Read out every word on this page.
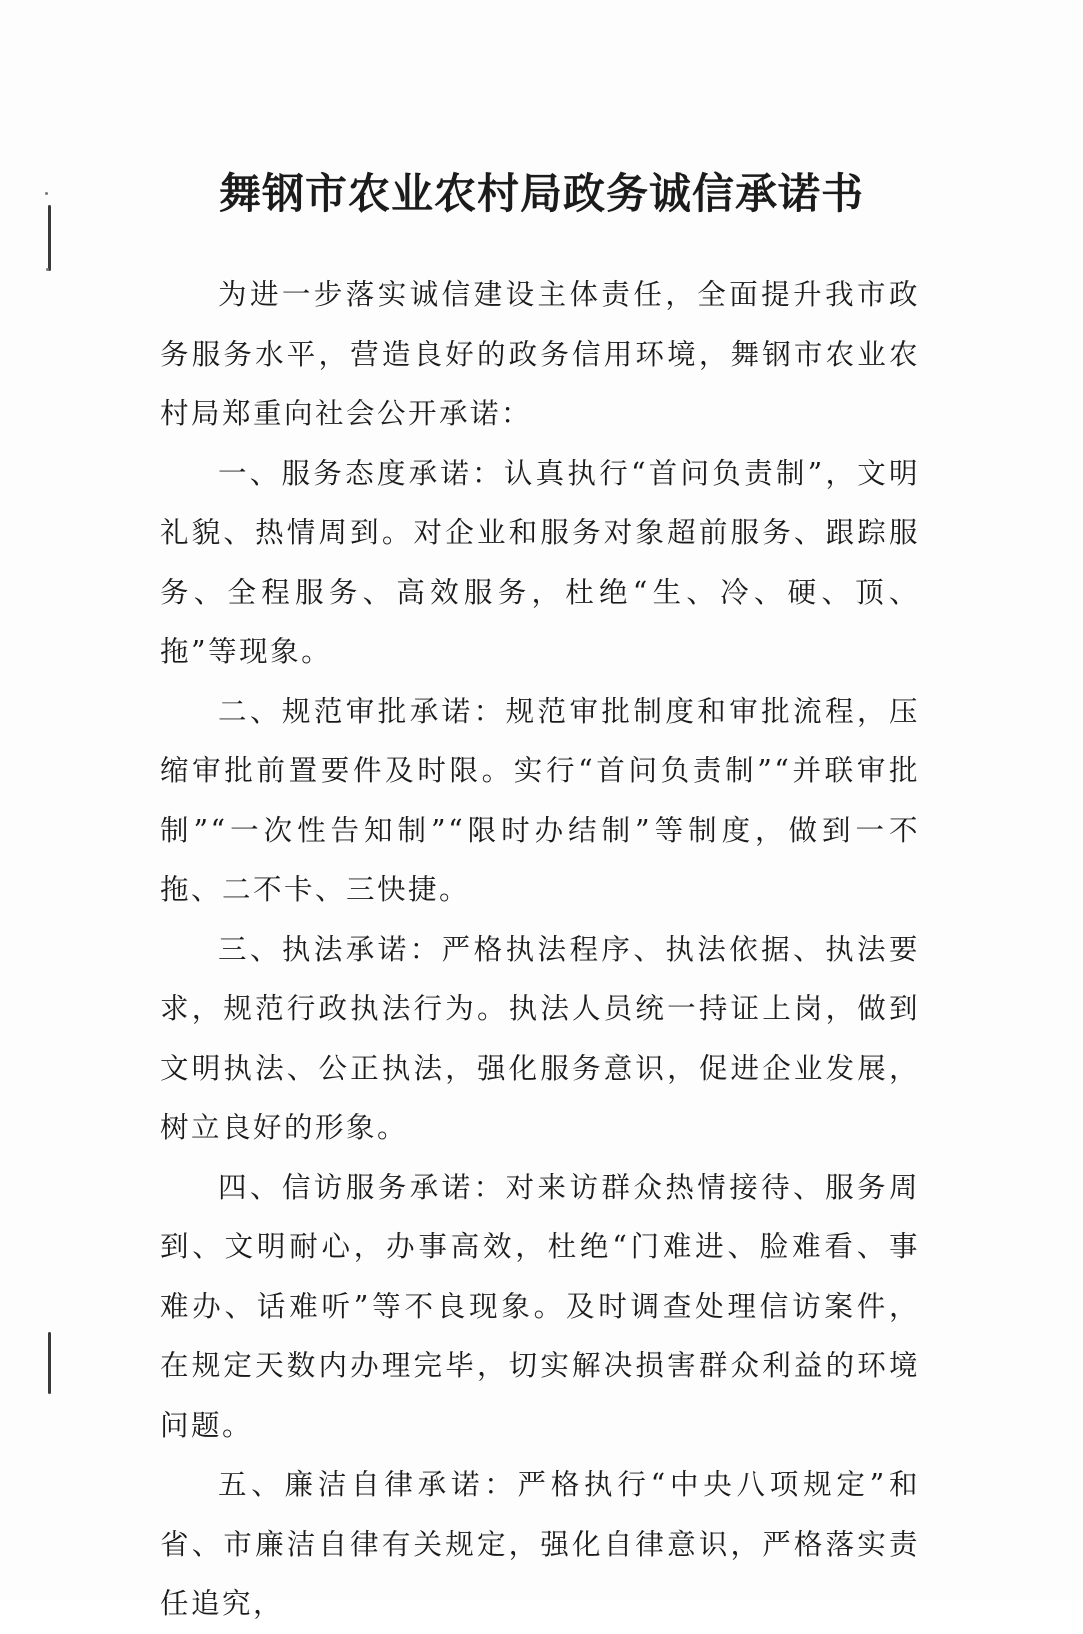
舞钢市农业农村局政务诚信承诺书

为进一步落实诚信建设主体责任，全面提升我市政务服务水平，营造良好的政务信用环境，舞钢市农业农村局郑重向社会公开承诺：

一、服务态度承诺：认真执行“首问负责制”，文明礼貌、热情周到。对企业和服务对象超前服务、跟踪服务、全程服务、高效服务，杜绝“生、冷、硬、顶、拖”等现象。

二、规范审批承诺：规范审批制度和审批流程，压缩审批前置要件及时限。实行“首问负责制”“并联审批制”“一次性告知制”“限时办结制”等制度，做到一不拖、二不卡、三快捷。

三、执法承诺：严格执法程序、执法依据、执法要求，规范行政执法行为。执法人员统一持证上岗，做到文明执法、公正执法，强化服务意识，促进企业发展，树立良好的形象。

四、信访服务承诺：对来访群众热情接待、服务周到、文明耐心，办事高效，杜绝“门难进、脸难看、事难办、话难听”等不良现象。及时调查处理信访案件，在规定天数内办理完毕，切实解决损害群众利益的环境问题。

五、廉洁自律承诺：严格执行“中央八项规定”和省、市廉洁自律有关规定，强化自律意识，严格落实责任追究，
